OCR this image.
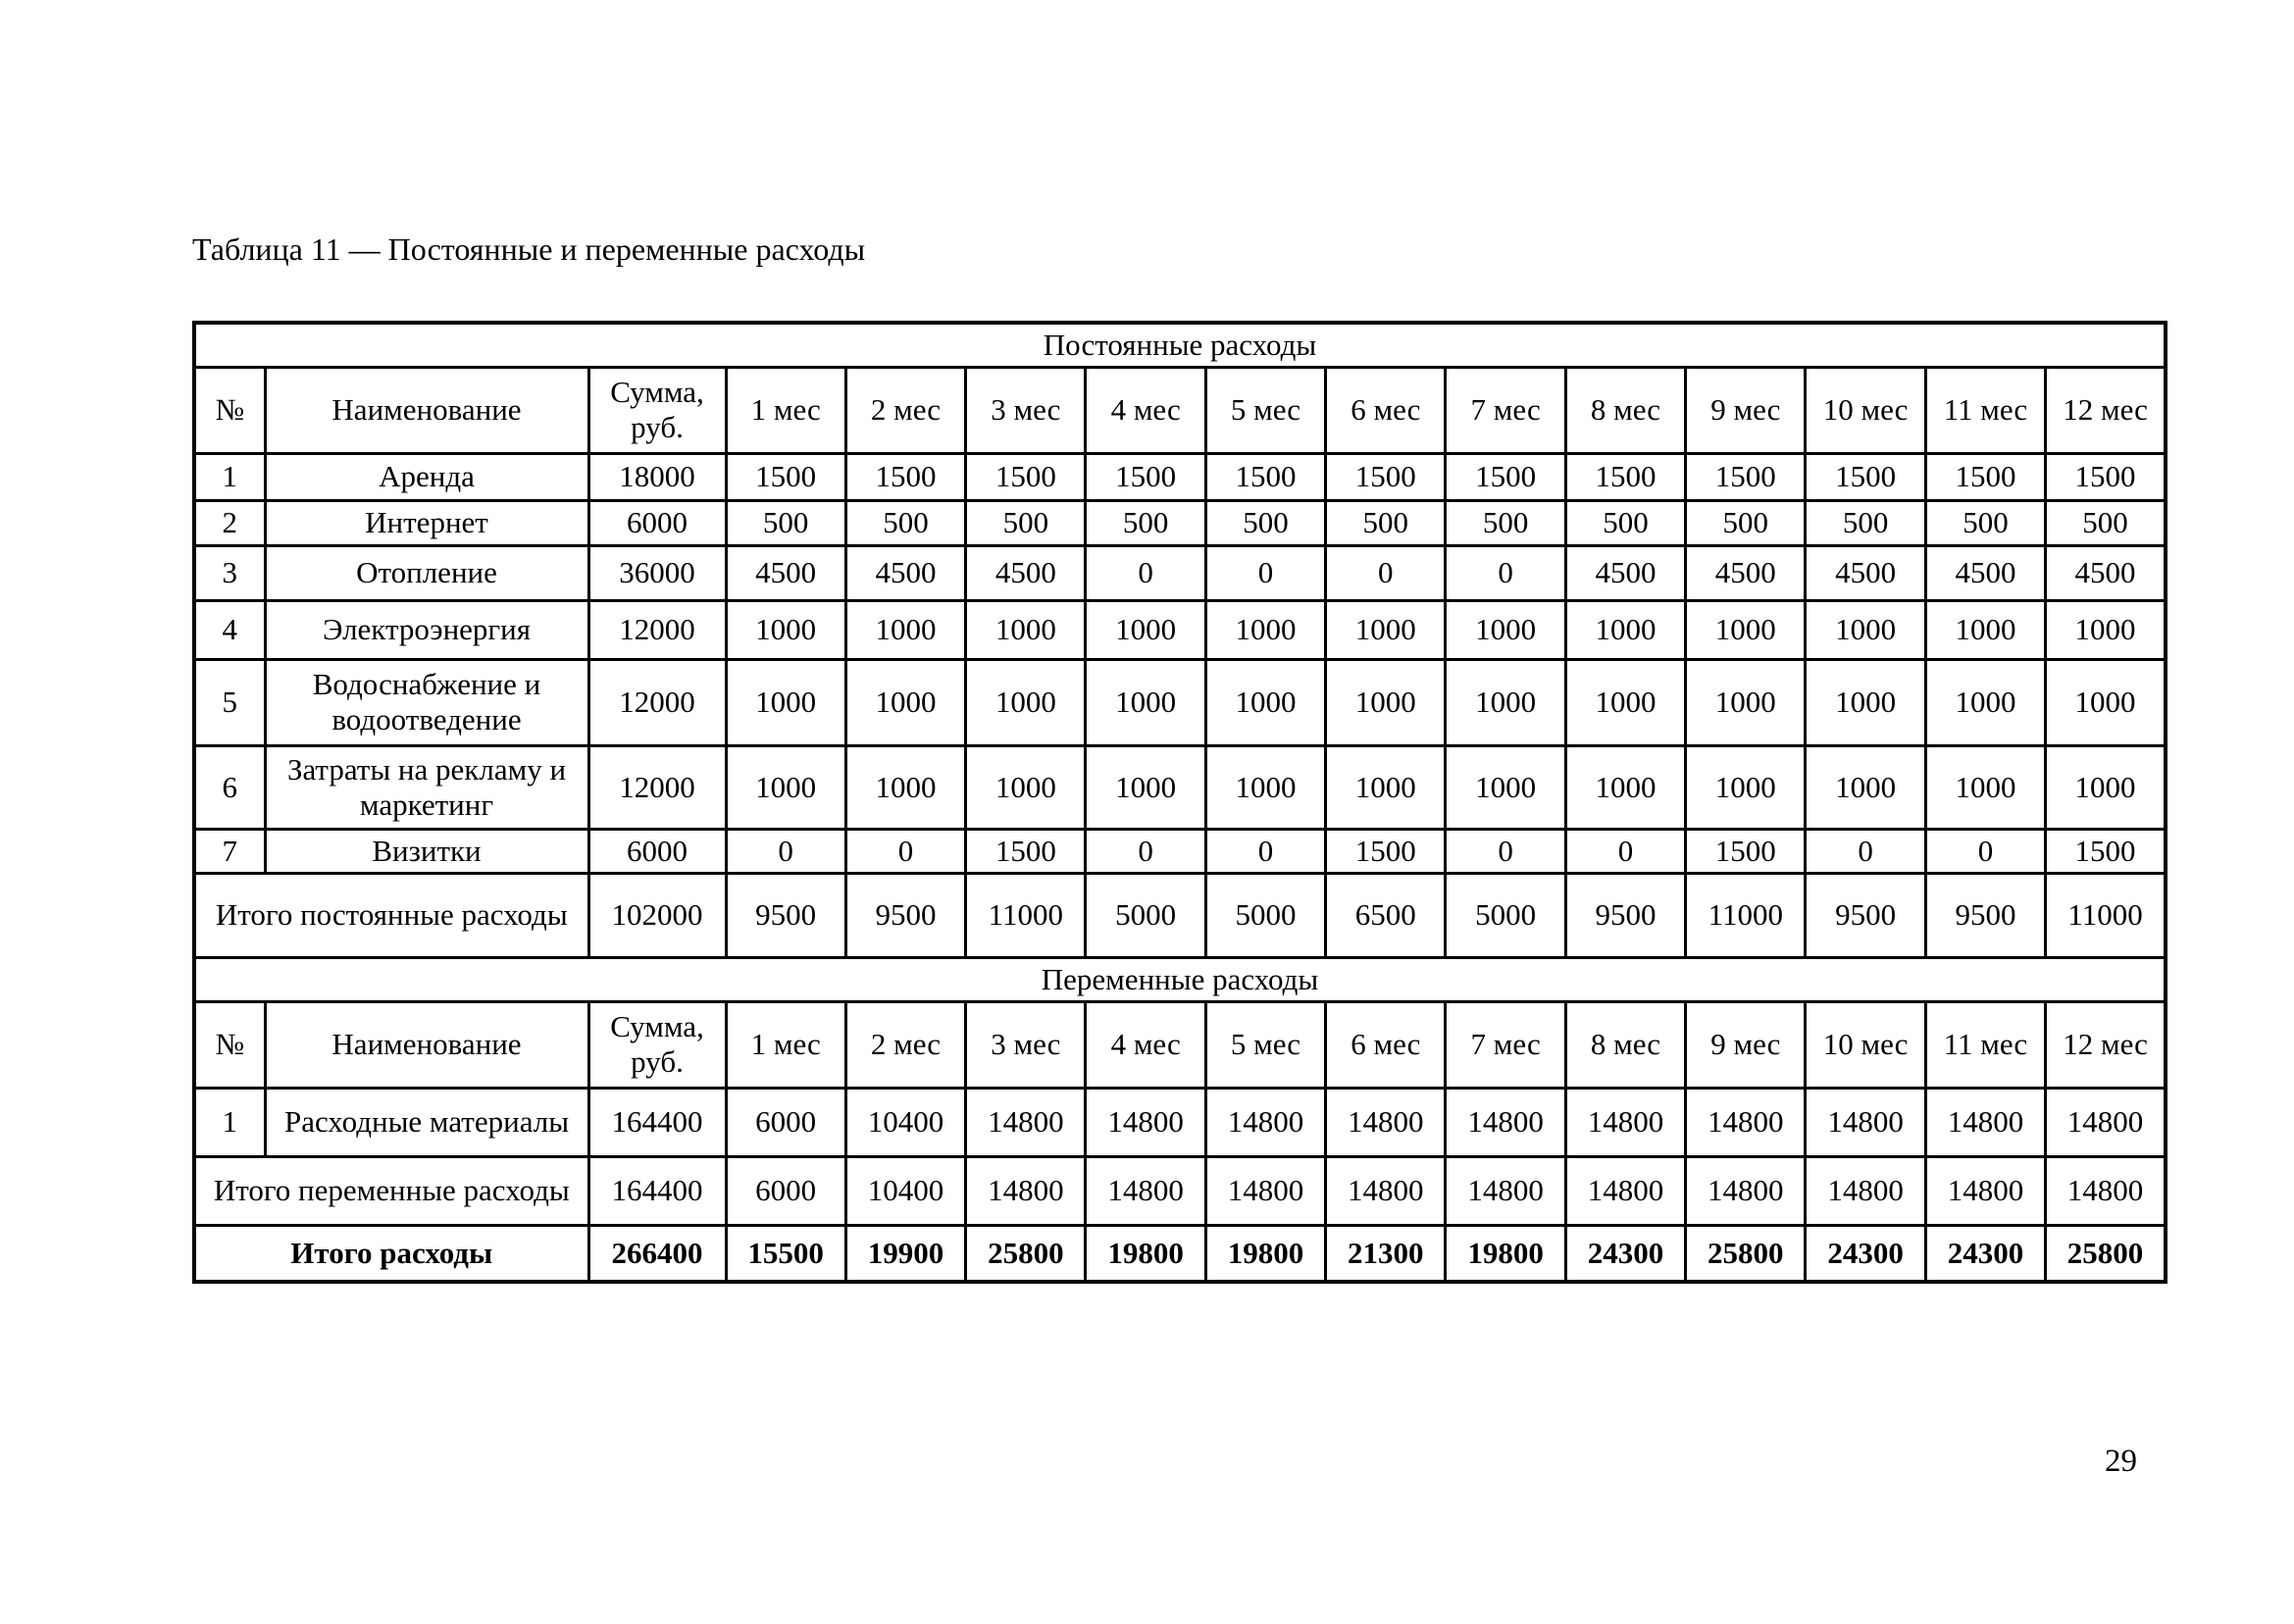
Таблица 11 — Постоянные и переменные расходы
Постоянные расходы														
№	Наименование	Сумма, руб.	1 мес	2 мес	3 мес	4 мес	5 мес	6 мес	7 мес	8 мес	9 мес	10 мес	11 мес	12 мес
1	Аренда	18000	1500	1500	1500	1500	1500	1500	1500	1500	1500	1500	1500	1500
2	Интернет	6000	500	500	500	500	500	500	500	500	500	500	500	500
3	Отопление	36000	4500	4500	4500	0	0	0	0	4500	4500	4500	4500	4500
4	Электроэнергия	12000	1000	1000	1000	1000	1000	1000	1000	1000	1000	1000	1000	1000
5	Водоснабжение и водоотведение	12000	1000	1000	1000	1000	1000	1000	1000	1000	1000	1000	1000	1000
6	Затраты на рекламу и маркетинг	12000	1000	1000	1000	1000	1000	1000	1000	1000	1000	1000	1000	1000
7	Визитки	6000	0	0	1500	0	0	1500	0	0	1500	0	0	1500
Итого постоянные расходы		102000	9500	9500	11000	5000	5000	6500	5000	9500	11000	9500	9500	11000
Переменные расходы														
№	Наименование	Сумма, руб.	1 мес	2 мес	3 мес	4 мес	5 мес	6 мес	7 мес	8 мес	9 мес	10 мес	11 мес	12 мес
1	Расходные материалы	164400	6000	10400	14800	14800	14800	14800	14800	14800	14800	14800	14800	14800
Итого переменные расходы		164400	6000	10400	14800	14800	14800	14800	14800	14800	14800	14800	14800	14800
Итого расходы		266400	15500	19900	25800	19800	19800	21300	19800	24300	25800	24300	24300	25800
29
